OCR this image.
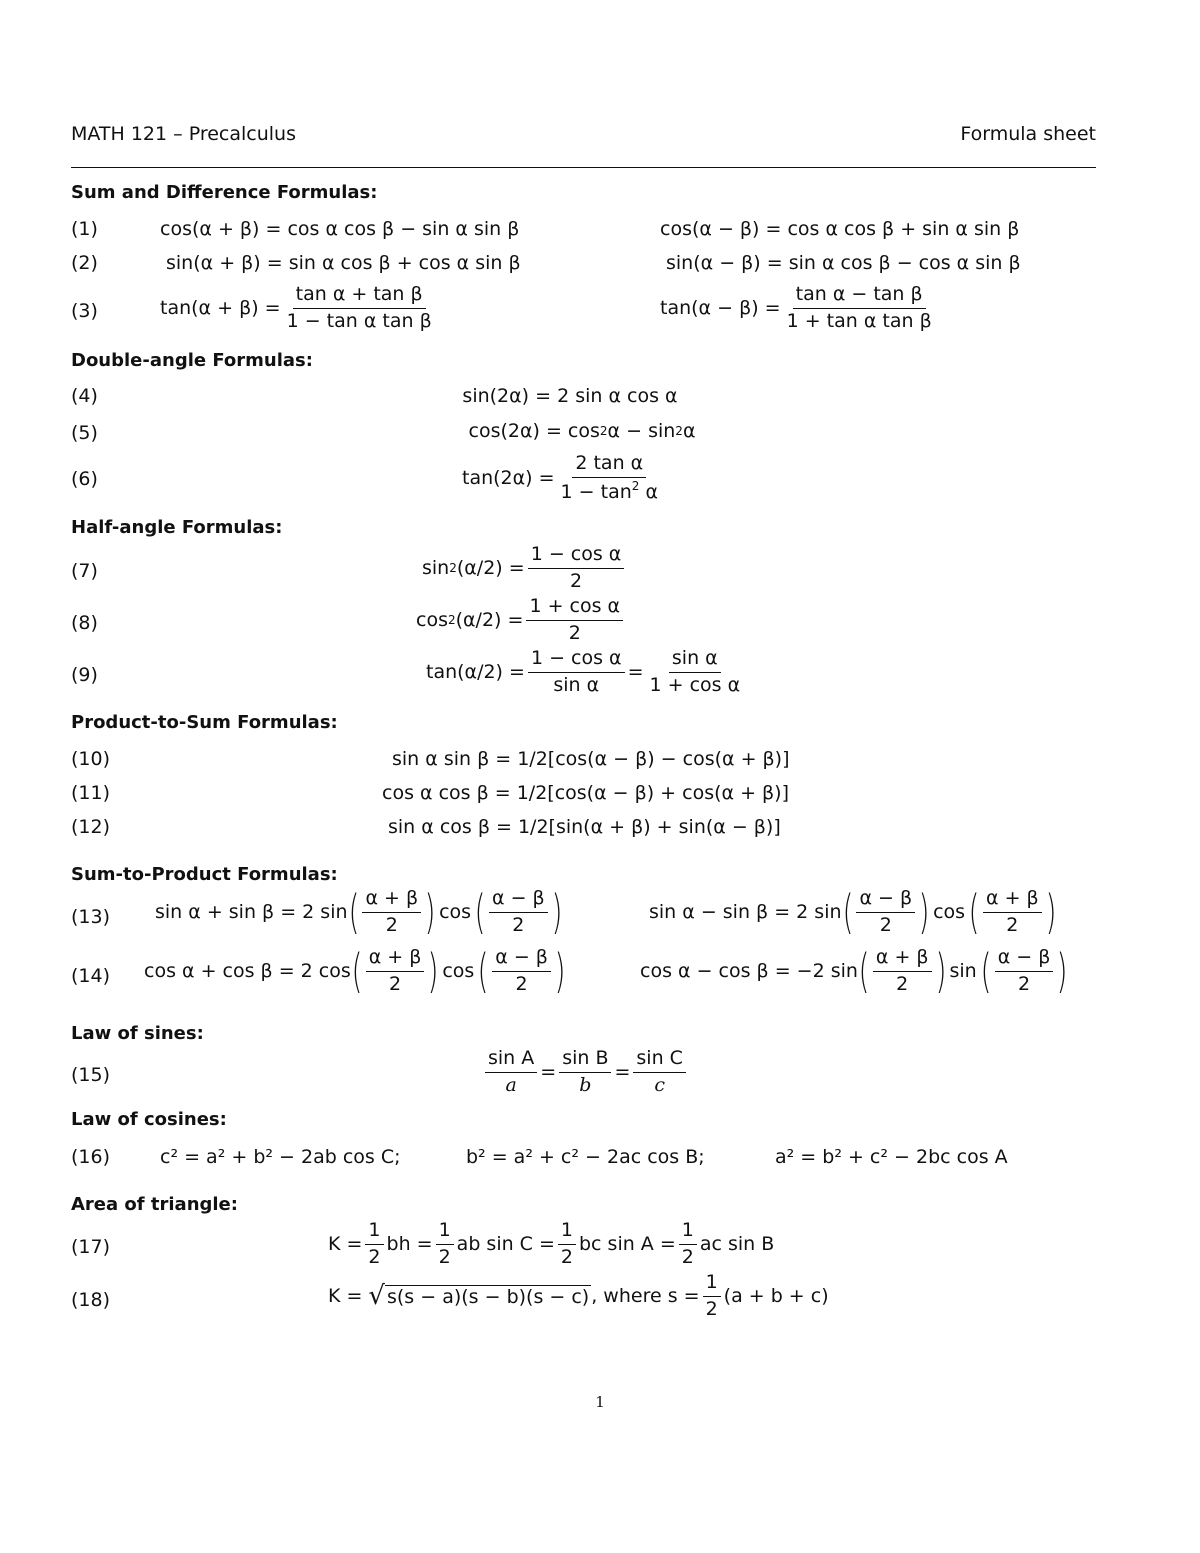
MATH 121 – Precalculus	Formula sheet
Sum and Difference Formulas:
(1)	cos(α + β) = cos α cos β − sin α sin β	cos(α − β) = cos α cos β + sin α sin β
(2)	sin(α + β) = sin α cos β + cos α sin β	sin(α − β) = sin α cos β − cos α sin β
(3)	$\tan(\alpha + \beta) = \frac{\text{tan α + tan β}}{\text{1 − tan α tan β}}$	$\tan(\alpha - \beta) = \frac{\text{tan α − tan β}}{\text{1 + tan α tan β}}$
Double-angle Formulas:
(4)	sin(2α) = 2 sin α cos α
(5)	cos(2α) = cos 2 α − sin 2 α
(6)	$\tan(2\alpha) = \frac{\text{2 tan α}}{1 - \tan^2 \alpha}$
Half-angle Formulas:
(7)	sin 2 $(\alpha/2) = \frac{\text{1 − cos α}}{2}$
(8)	cos 2 $(\alpha/2) = \frac{\text{1 + cos α}}{2}$
(9)	$\tan(\alpha/2) = \frac{\text{1 − cos α}}{\text{sin α}} = \frac{\text{sin α}}{\text{1 + cos α}}$
Product-to-Sum Formulas:
(10)	sin α sin β = 1/2[cos(α − β) − cos(α + β)]
(11)	cos α cos β = 1/2[cos(α − β) + cos(α + β)]
(12)	sin α cos β = 1/2[sin(α + β) + sin(α − β)]
Sum-to-Product Formulas:
(13) sin α + sin β = 2 sin ( $\frac{\alpha + \beta}{2}$ ) cos ( $\frac{\alpha - \beta}{2}$ )	sin α − sin β = 2 sin ( $\frac{\alpha - \beta}{2}$ ) cos ( $\frac{\alpha + \beta}{2}$ )
(14) cos α + cos β = 2 cos ( $\frac{\alpha + \beta}{2}$ ) cos ( $\frac{\alpha - \beta}{2}$ )	cos α − cos β = −2 sin ( $\frac{\alpha + \beta}{2}$ ) sin ( $\frac{\alpha - \beta}{2}$ )
Law of sines:
(15)	$\frac{\text{sin A}}{a} = \frac{\text{sin B}}{b} = \frac{\text{sin C}}{c}$
Law of cosines:
(16)	c² = a² + b² − 2ab cos C;	b² = a² + c² − 2ac cos B;	a² = b² + c² − 2bc cos A
Area of triangle:
(17)	$K = \frac{1}{2}$ bh = $\frac{1}{2}$ ab $\sin C = \frac{1}{2}$ bc $\sin A = \frac{1}{2}$ ac sin B
(18)	K = √ s(s − a)(s − b)(s − c) , where $s = \frac{1}{2} (a + b + c)$
1
